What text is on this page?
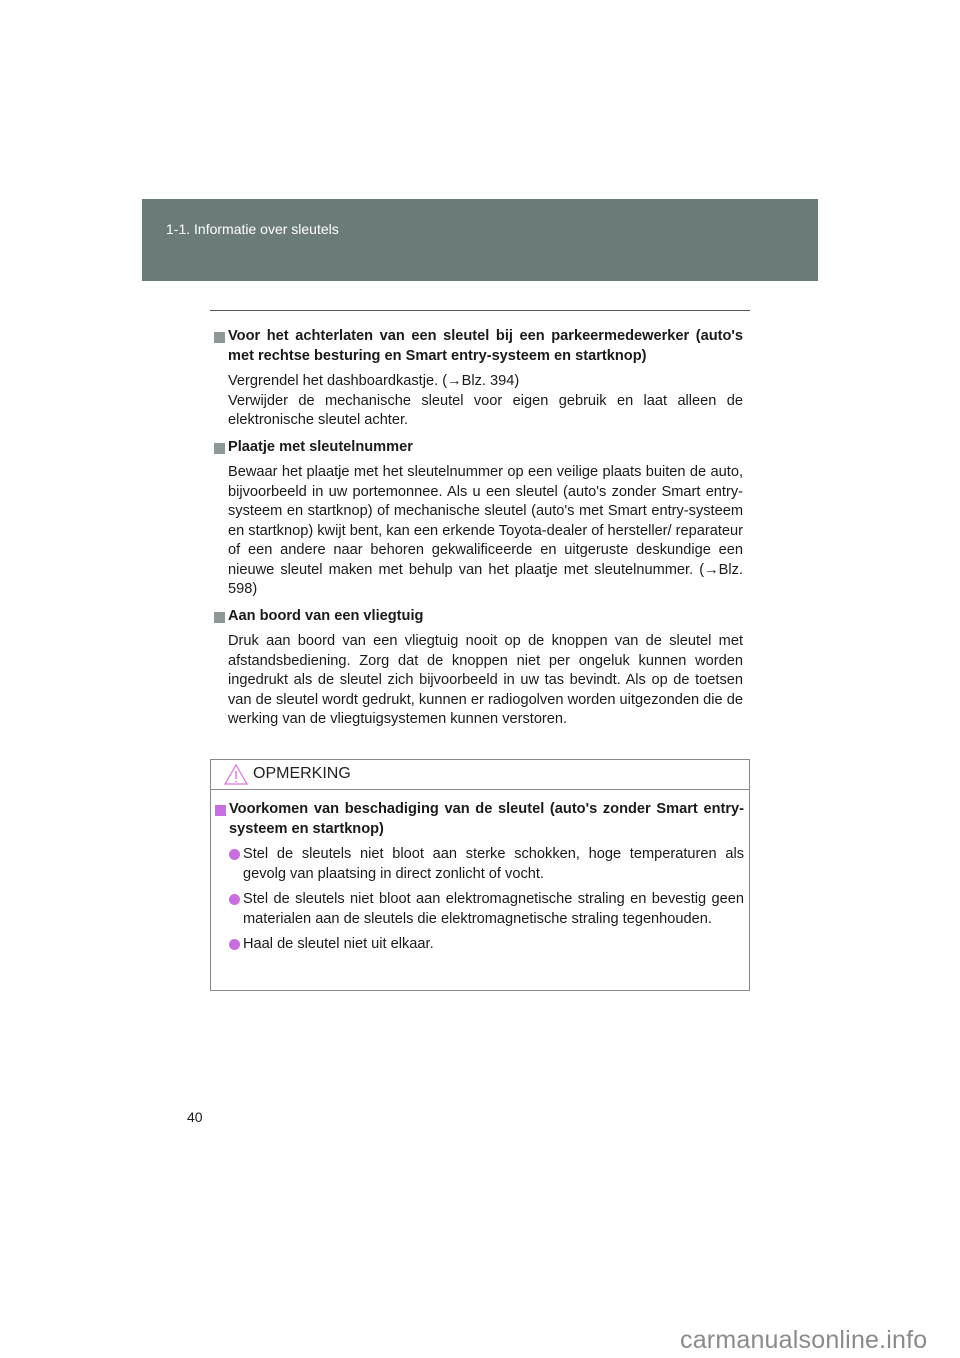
1-1. Informatie over sleutels
Voor het achterlaten van een sleutel bij een parkeermedewerker (auto's met rechtse besturing en Smart entry-systeem en startknop)
Vergrendel het dashboardkastje. (→Blz. 394)
Verwijder de mechanische sleutel voor eigen gebruik en laat alleen de elektronische sleutel achter.
Plaatje met sleutelnummer
Bewaar het plaatje met het sleutelnummer op een veilige plaats buiten de auto, bijvoorbeeld in uw portemonnee. Als u een sleutel (auto's zonder Smart entry-systeem en startknop) of mechanische sleutel (auto's met Smart entry-systeem en startknop) kwijt bent, kan een erkende Toyota-dealer of hersteller/ reparateur of een andere naar behoren gekwalificeerde en uitgeruste deskundige een nieuwe sleutel maken met behulp van het plaatje met sleutelnummer. (→Blz. 598)
Aan boord van een vliegtuig
Druk aan boord van een vliegtuig nooit op de knoppen van de sleutel met afstandsbediening. Zorg dat de knoppen niet per ongeluk kunnen worden ingedrukt als de sleutel zich bijvoorbeeld in uw tas bevindt. Als op de toetsen van de sleutel wordt gedrukt, kunnen er radiogolven worden uitgezonden die de werking van de vliegtuigsystemen kunnen verstoren.
OPMERKING
Voorkomen van beschadiging van de sleutel (auto's zonder Smart entry-systeem en startknop)
Stel de sleutels niet bloot aan sterke schokken, hoge temperaturen als gevolg van plaatsing in direct zonlicht of vocht.
Stel de sleutels niet bloot aan elektromagnetische straling en bevestig geen materialen aan de sleutels die elektromagnetische straling tegenhouden.
Haal de sleutel niet uit elkaar.
40
carmanualsonline.info
